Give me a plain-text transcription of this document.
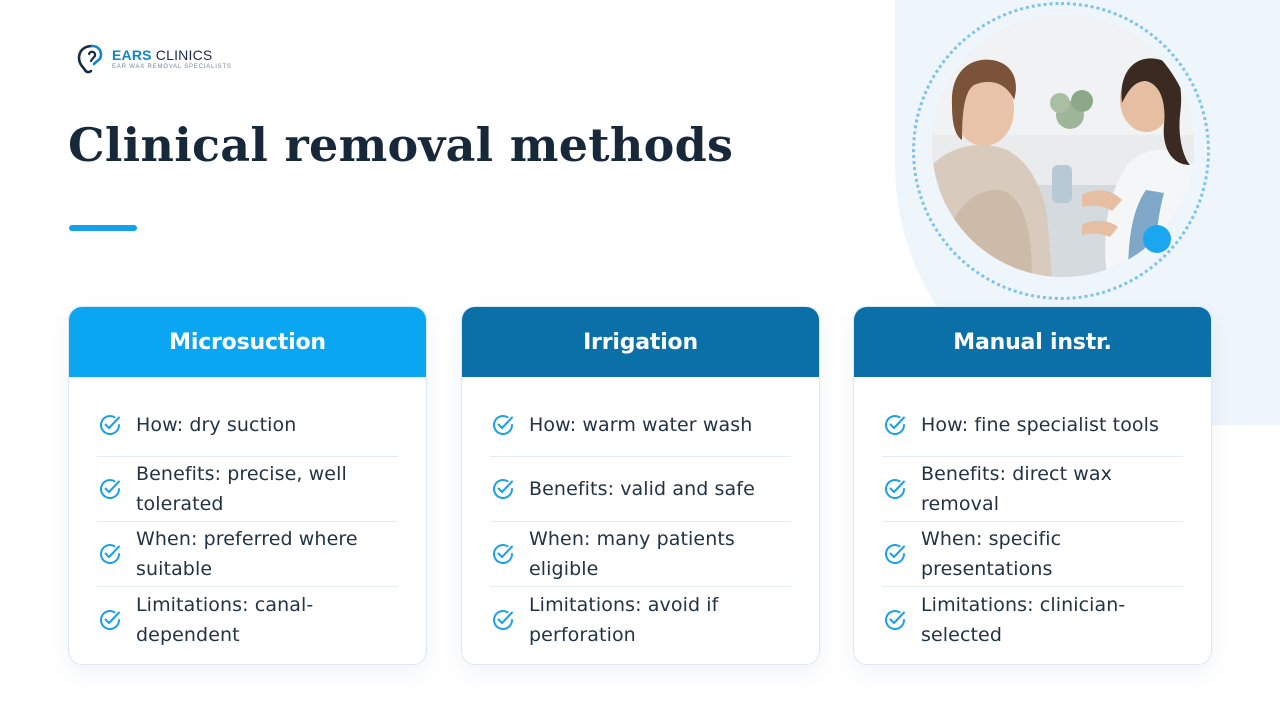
EARS CLINICS
EAR WAX REMOVAL SPECIALISTS
Clinical removal methods
Microsuction
How: dry suction
Benefits: precise, well tolerated
When: preferred where suitable
Limitations: canal-dependent
Irrigation
How: warm water wash
Benefits: valid and safe
When: many patients eligible
Limitations: avoid if perforation
Manual instr.
How: fine specialist tools
Benefits: direct wax removal
When: specific presentations
Limitations: clinician-selected
